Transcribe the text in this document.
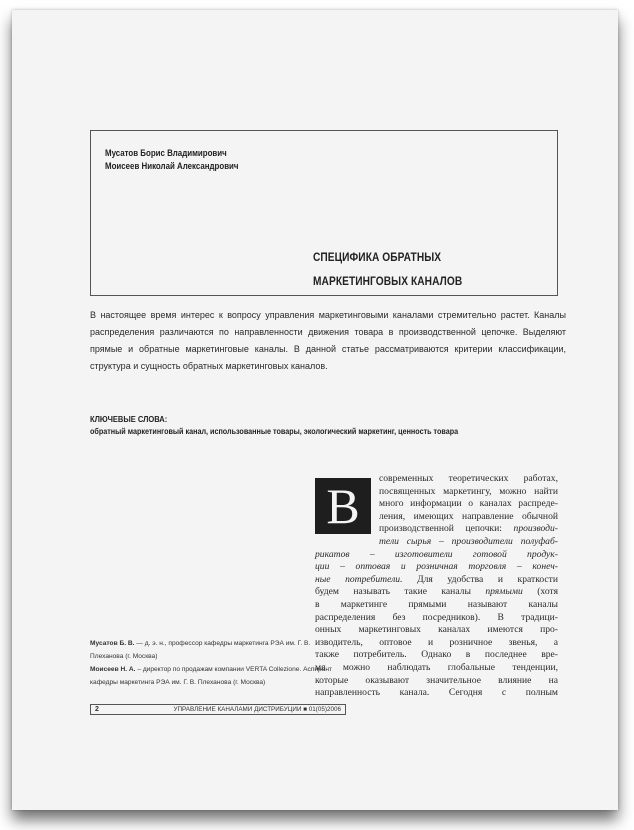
Мусатов Борис Владимирович
Моисеев Николай Александрович
СПЕЦИФИКА ОБРАТНЫХ
МАРКЕТИНГОВЫХ КАНАЛОВ
В настоящее время интерес к вопросу управления маркетинговыми каналами стремительно растет. Каналы распределения различаются по направленности движения товара в производственной цепочке. Выделяют прямые и обратные маркетинговые каналы. В данной статье рассматриваются критерии классификации, структура и сущность обратных маркетинговых каналов.
КЛЮЧЕВЫЕ СЛОВА:
обратный маркетинговый канал, использованные товары, экологический маркетинг, ценность товара
В	современных теоретических работах,
посвященных маркетингу, можно найти
много информации о каналах распреде-
ления, имеющих направление обычной
производственной цепочки: производи-
тели сырья – производители полуфаб-
рикатов – изготовители готовой продук-
ции – оптовая и розничная торговля – конеч-
ные потребители. Для удобства и краткости
будем называть такие каналы прямыми (хотя
в маркетинге прямыми называют каналы
распределения без посредников). В традици-
онных маркетинговых каналах имеются про-
изводитель, оптовое и розничное звенья, а
также потребитель. Однако в последнее вре-
мя можно наблюдать глобальные тенденции,
которые оказывают значительное влияние на
направленность канала. Сегодня с полным
Мусатов Б. В. — д. э. н., профессор кафедры маркетинга РЭА им. Г. В. Плеханова (г. Москва)
Моисеев Н. А. – директор по продажам компании VERTA Collezione. Аспирант кафедры маркетинга РЭА им. Г. В. Плеханова (г. Москва)
2	УПРАВЛЕНИЕ КАНАЛАМИ ДИСТРИБУЦИИ ■ 01(05)2006
